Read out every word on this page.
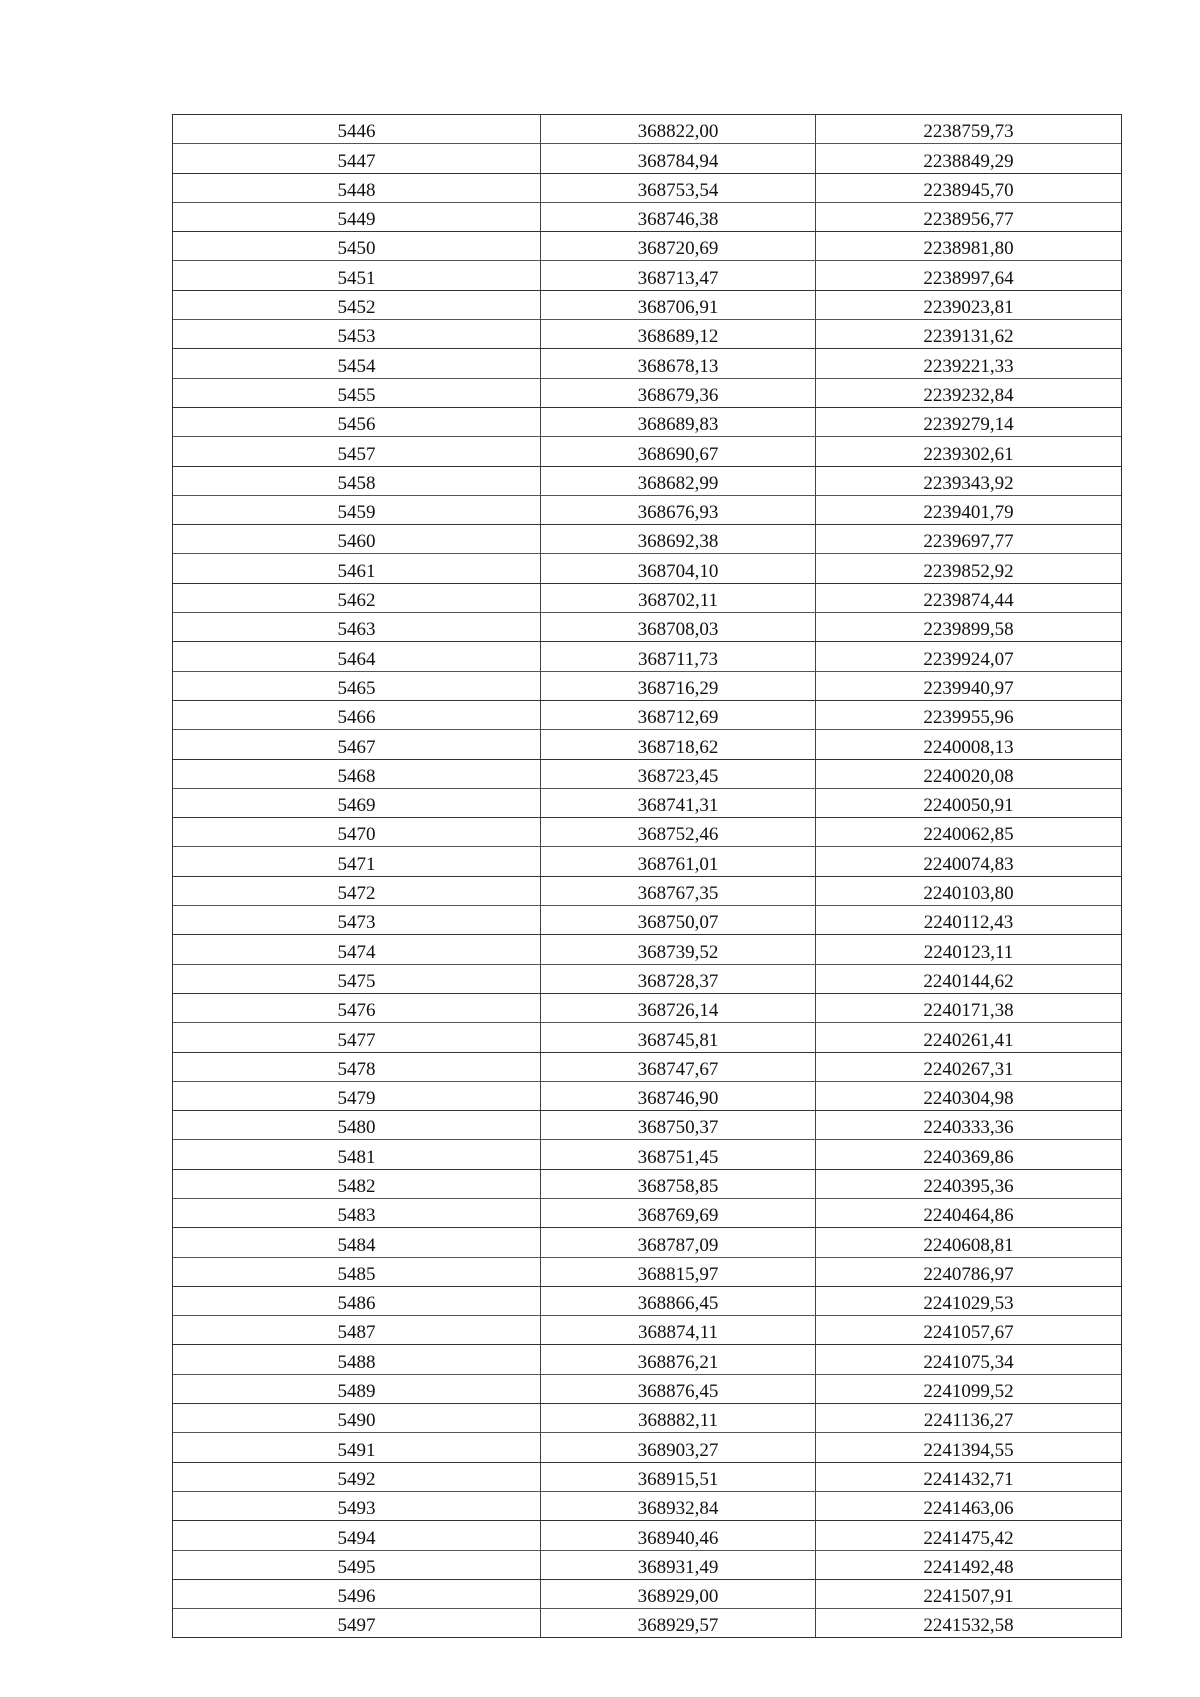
5446	368822,00	2238759,73
5447	368784,94	2238849,29
5448	368753,54	2238945,70
5449	368746,38	2238956,77
5450	368720,69	2238981,80
5451	368713,47	2238997,64
5452	368706,91	2239023,81
5453	368689,12	2239131,62
5454	368678,13	2239221,33
5455	368679,36	2239232,84
5456	368689,83	2239279,14
5457	368690,67	2239302,61
5458	368682,99	2239343,92
5459	368676,93	2239401,79
5460	368692,38	2239697,77
5461	368704,10	2239852,92
5462	368702,11	2239874,44
5463	368708,03	2239899,58
5464	368711,73	2239924,07
5465	368716,29	2239940,97
5466	368712,69	2239955,96
5467	368718,62	2240008,13
5468	368723,45	2240020,08
5469	368741,31	2240050,91
5470	368752,46	2240062,85
5471	368761,01	2240074,83
5472	368767,35	2240103,80
5473	368750,07	2240112,43
5474	368739,52	2240123,11
5475	368728,37	2240144,62
5476	368726,14	2240171,38
5477	368745,81	2240261,41
5478	368747,67	2240267,31
5479	368746,90	2240304,98
5480	368750,37	2240333,36
5481	368751,45	2240369,86
5482	368758,85	2240395,36
5483	368769,69	2240464,86
5484	368787,09	2240608,81
5485	368815,97	2240786,97
5486	368866,45	2241029,53
5487	368874,11	2241057,67
5488	368876,21	2241075,34
5489	368876,45	2241099,52
5490	368882,11	2241136,27
5491	368903,27	2241394,55
5492	368915,51	2241432,71
5493	368932,84	2241463,06
5494	368940,46	2241475,42
5495	368931,49	2241492,48
5496	368929,00	2241507,91
5497	368929,57	2241532,58
